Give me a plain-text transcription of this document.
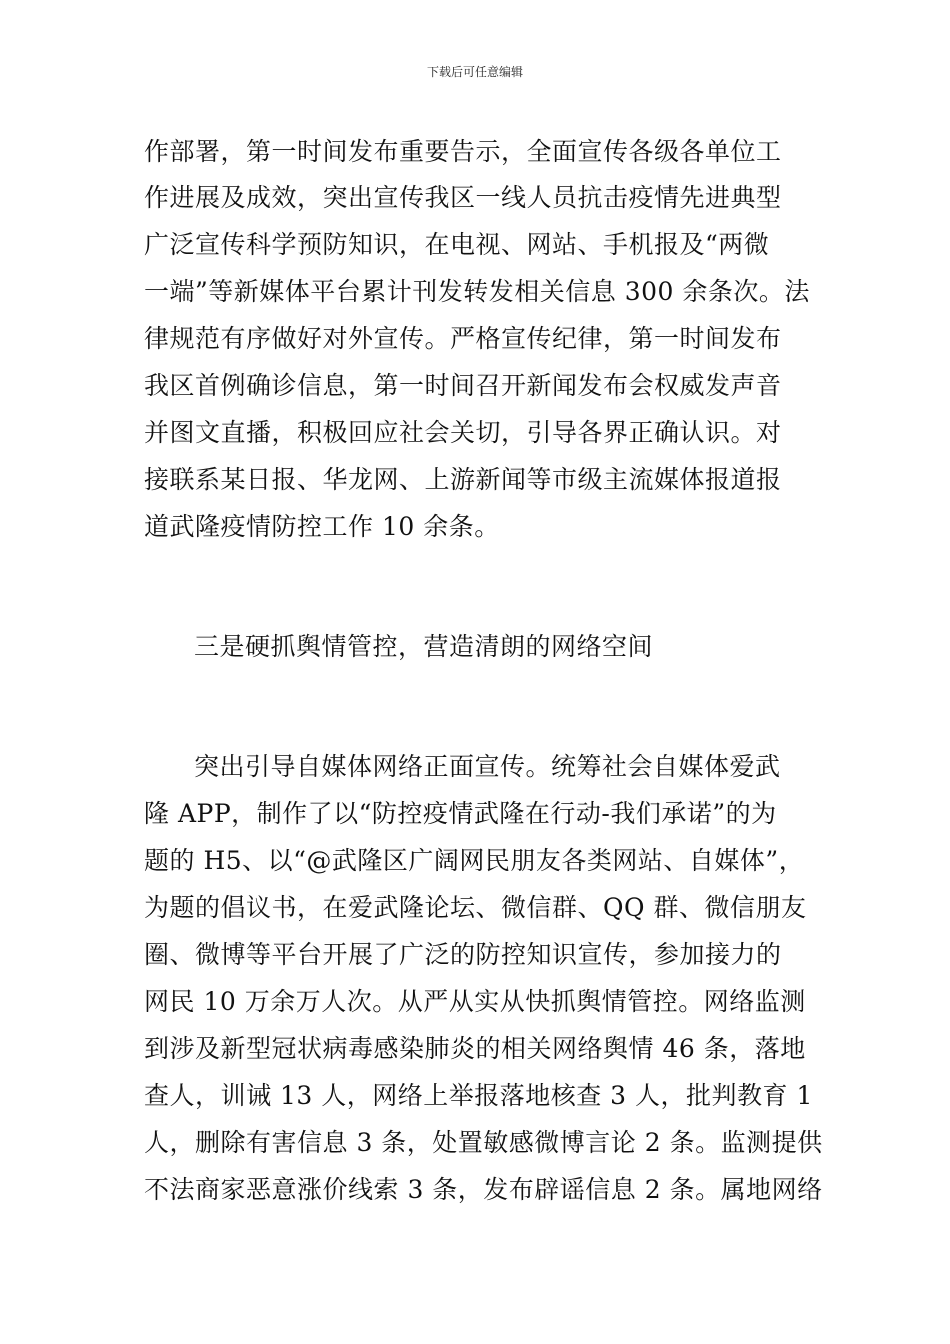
下载后可任意编辑
作部署，第一时间发布重要告示，全面宣传各级各单位工
作进展及成效，突出宣传我区一线人员抗击疫情先进典型
广泛宣传科学预防知识，在电视、网站、手机报及“两微
一端”等新媒体平台累计刊发转发相关信息 300 余条次。法
律规范有序做好对外宣传。严格宣传纪律，第一时间发布
我区首例确诊信息，第一时间召开新闻发布会权威发声音
并图文直播，积极回应社会关切，引导各界正确认识。对
接联系某日报、华龙网、上游新闻等市级主流媒体报道报
道武隆疫情防控工作 10 余条。
三是硬抓舆情管控，营造清朗的网络空间
突出引导自媒体网络正面宣传。统筹社会自媒体爱武
隆 APP，制作了以“防控疫情武隆在行动-我们承诺”的为
题的 H5、以“@武隆区广阔网民朋友各类网站、自媒体”，
为题的倡议书，在爱武隆论坛、微信群、QQ 群、微信朋友
圈、微博等平台开展了广泛的防控知识宣传，参加接力的
网民 10 万余万人次。从严从实从快抓舆情管控。网络监测
到涉及新型冠状病毒感染肺炎的相关网络舆情 46 条，落地
查人，训诫 13 人，网络上举报落地核查 3 人，批判教育 1
人，删除有害信息 3 条，处置敏感微博言论 2 条。监测提供
不法商家恶意涨价线索 3 条，发布辟谣信息 2 条。属地网络
